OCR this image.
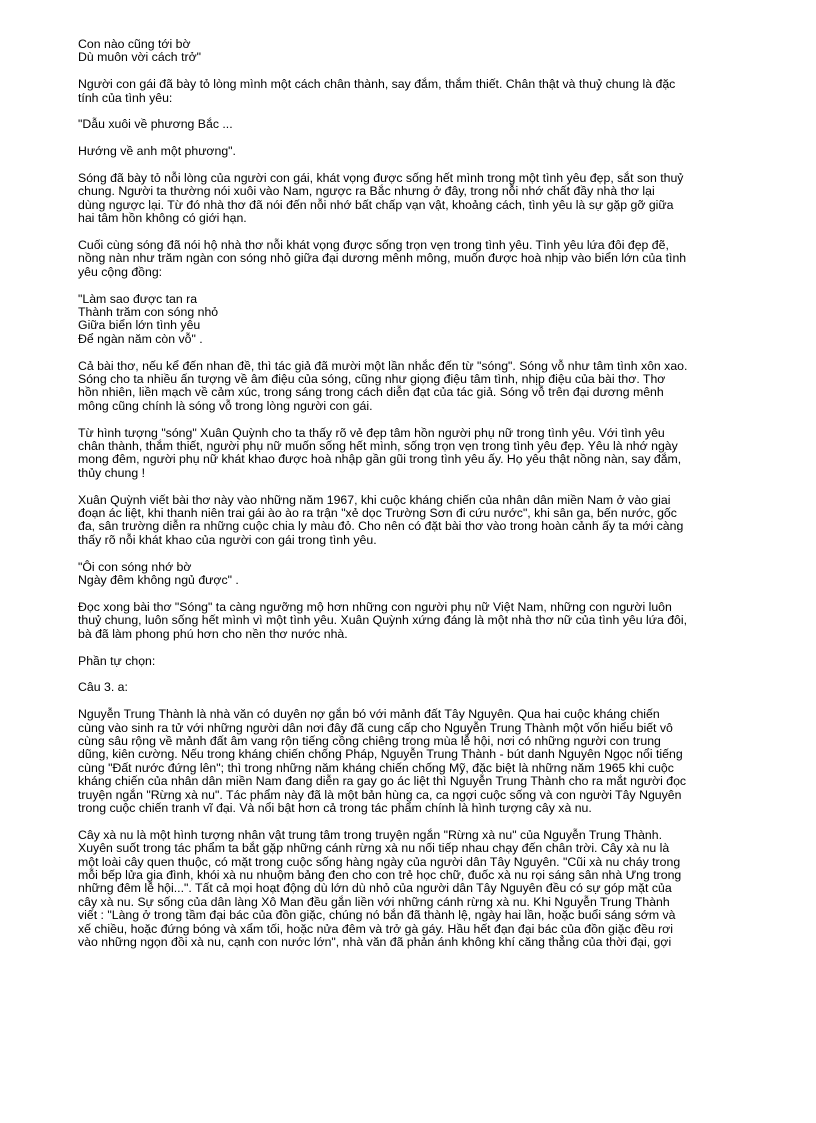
Con nào cũng tới bờ
Dù muôn vời cách trở"
Người con gái đã bày tỏ lòng mình một cách chân thành, say đắm, thắm thiết. Chân thật và thuỷ chung là đặc
tính của tình yêu:
"Dẫu xuôi về phương Bắc ...
Hướng về anh một phương".
Sóng đã bày tỏ nỗi lòng của người con gái, khát vọng được sống hết mình trong một tình yêu đẹp, sắt son thuỷ
chung. Người ta thường nói xuôi vào Nam, ngược ra Bắc nhưng ở đây, trong nỗi nhớ chất đầy nhà thơ lại
dùng ngược lại. Từ đó nhà thơ đã nói đến nỗi nhớ bất chấp vạn vật, khoảng cách, tình yêu là sự gặp gỡ giữa
hai tâm hồn không có giới hạn.
Cuối cùng sóng đã nói hộ nhà thơ nỗi khát vọng được sống trọn vẹn trong tình yêu. Tình yêu lứa đôi đẹp đẽ,
nồng nàn như trăm ngàn con sóng nhỏ giữa đại dương mênh mông, muốn được hoà nhịp vào biển lớn của tình
yêu cộng đồng:
"Làm sao được tan ra
Thành trăm con sóng nhỏ
Giữa biển lớn tình yêu
Để ngàn năm còn vỗ" .
Cả bài thơ, nếu kể đến nhan đề, thì tác giả đã mười một lần nhắc đến từ "sóng". Sóng vỗ như tâm tình xôn xao.
Sóng cho ta nhiều ấn tượng về âm điệu của sóng, cũng như giọng điệu tâm tình, nhịp điệu của bài thơ. Thơ
hồn nhiên, liền mạch về cảm xúc, trong sáng trong cách diễn đạt của tác giả. Sóng vỗ trên đại dương mênh
mông cũng chính là sóng vỗ trong lòng người con gái.
Từ hình tượng "sóng" Xuân Quỳnh cho ta thấy rõ vẻ đẹp tâm hồn người phụ nữ trong tình yêu. Với tình yêu
chân thành, thắm thiết, người phụ nữ muốn sống hết mình, sống trọn vẹn trong tình yêu đẹp. Yêu là nhớ ngày
mong đêm, người phụ nữ khát khao được hoà nhập gần gũi trong tình yêu ấy. Họ yêu thật nồng nàn, say đắm,
thủy chung !
Xuân Quỳnh viết bài thơ này vào những năm 1967, khi cuộc kháng chiến của nhân dân miền Nam ở vào giai
đoạn ác liệt, khi thanh niên trai gái ào ào ra trận "xẻ dọc Trường Sơn đi cứu nước", khi sân ga, bến nước, gốc
đa, sân trường diễn ra những cuộc chia ly màu đỏ. Cho nên có đặt bài thơ vào trong hoàn cảnh ấy ta mới càng
thấy rõ nỗi khát khao của người con gái trong tình yêu.
"Ôi con sóng nhớ bờ
Ngày đêm không ngủ được" .
Đọc xong bài thơ "Sóng" ta càng ngưỡng mộ hơn những con người phụ nữ Việt Nam, những con người luôn
thuỷ chung, luôn sống hết mình vì một tình yêu. Xuân Quỳnh xứng đáng là một nhà thơ nữ của tình yêu lứa đôi,
bà đã làm phong phú hơn cho nền thơ nước nhà.
Phần tự chọn:
Câu 3. a:
Nguyễn Trung Thành là nhà văn có duyên nợ gắn bó với mảnh đất Tây Nguyên. Qua hai cuộc kháng chiến
cùng vào sinh ra tử với những người dân nơi đây đã cung cấp cho Nguyễn Trung Thành một vốn hiểu biết vô
cùng sâu rộng về mảnh đất âm vang rộn tiếng cồng chiêng trong mùa lễ hội, nơi có những người con trung
dũng, kiên cường. Nếu trong kháng chiến chống Pháp, Nguyễn Trung Thành - bút danh Nguyên Ngọc nổi tiếng
cùng "Đất nước đứng lên"; thì trong những năm kháng chiến chống Mỹ, đặc biệt là những năm 1965 khi cuộc
kháng chiến của nhân dân miền Nam đang diễn ra gay go ác liệt thì Nguyễn Trung Thành cho ra mắt người đọc
truyện ngắn "Rừng xà nu". Tác phẩm này đã là một bản hùng ca, ca ngợi cuộc sống và con người Tây Nguyên
trong cuộc chiến tranh vĩ đại. Và nổi bật hơn cả trong tác phẩm chính là hình tượng cây xà nu.
Cây xà nu là một hình tượng nhân vật trung tâm trong truyện ngắn "Rừng xà nu" của Nguyễn Trung Thành.
Xuyên suốt trong tác phẩm ta bắt gặp những cánh rừng xà nu nối tiếp nhau chạy đến chân trời. Cây xà nu là
một loài cây quen thuộc, có mặt trong cuộc sống hàng ngày của người dân Tây Nguyên. "Cũi xà nu cháy trong
mỗi bếp lửa gia đình, khói xà nu nhuộm bảng đen cho con trẻ học chữ, đuốc xà nu rọi sáng sân nhà Ưng trong
những đêm lễ hội...". Tất cả mọi hoạt động dù lớn dù nhỏ của người dân Tây Nguyên đều có sự góp mặt của
cây xà nu. Sự sống của dân làng Xô Man đều gắn liền với những cánh rừng xà nu. Khi Nguyễn Trung Thành
viết : "Làng ở trong tầm đại bác của đồn giặc, chúng nó bắn đã thành lệ, ngày hai lần, hoặc buổi sáng sớm và
xế chiều, hoặc đứng bóng và xẩm tối, hoặc nửa đêm và trở gà gáy. Hầu hết đạn đại bác của đồn giặc đều rơi
vào những ngọn đồi xà nu, cạnh con nước lớn", nhà văn đã phản ánh không khí căng thẳng của thời đại, gợi
